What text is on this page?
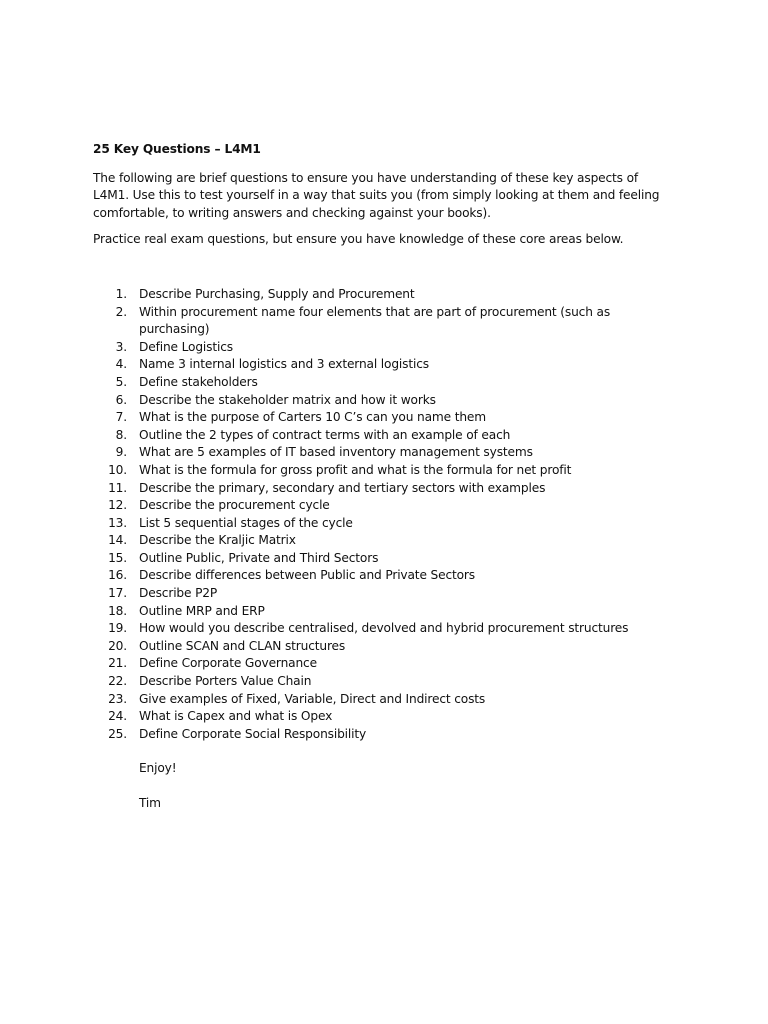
25 Key Questions – L4M1

The following are brief questions to ensure you have understanding of these key aspects of L4M1. Use this to test yourself in a way that suits you (from simply looking at them and feeling comfortable, to writing answers and checking against your books).

Practice real exam questions, but ensure you have knowledge of these core areas below.

1. Describe Purchasing, Supply and Procurement
2. Within procurement name four elements that are part of procurement (such as purchasing)
3. Define Logistics
4. Name 3 internal logistics and 3 external logistics
5. Define stakeholders
6. Describe the stakeholder matrix and how it works
7. What is the purpose of Carters 10 C’s can you name them
8. Outline the 2 types of contract terms with an example of each
9. What are 5 examples of IT based inventory management systems
10. What is the formula for gross profit and what is the formula for net profit
11. Describe the primary, secondary and tertiary sectors with examples
12. Describe the procurement cycle
13. List 5 sequential stages of the cycle
14. Describe the Kraljic Matrix
15. Outline Public, Private and Third Sectors
16. Describe differences between Public and Private Sectors
17. Describe P2P
18. Outline MRP and ERP
19. How would you describe centralised, devolved and hybrid procurement structures
20. Outline SCAN and CLAN structures
21. Define Corporate Governance
22. Describe Porters Value Chain
23. Give examples of Fixed, Variable, Direct and Indirect costs
24. What is Capex and what is Opex
25. Define Corporate Social Responsibility

Enjoy!

Tim
